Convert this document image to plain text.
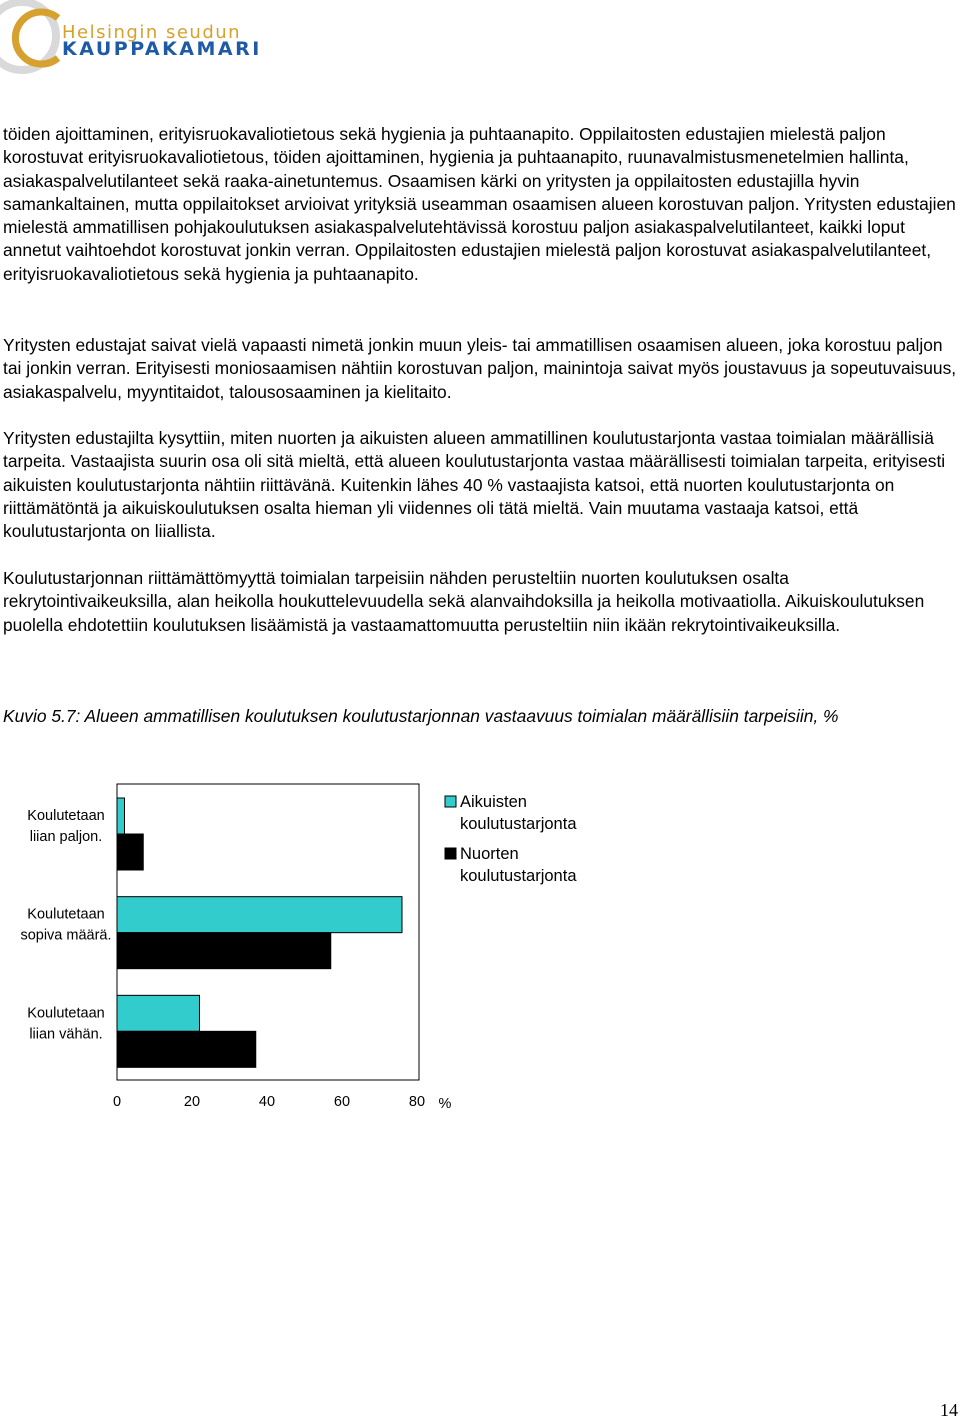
Helsingin seudun
KAUPPAKAMARI

töiden ajoittaminen, erityisruokavaliotietous sekä hygienia ja puhtaanapito. Oppilaitosten edustajien mielestä paljon korostuvat erityisruokavaliotietous, töiden ajoittaminen, hygienia ja puhtaanapito, ruunavalmistusmenetelmien hallinta, asiakaspalvelutilanteet sekä raaka-ainetuntemus. Osaamisen kärki on yritysten ja oppilaitosten edustajilla hyvin samankaltainen, mutta oppilaitokset arvioivat yrityksiä useamman osaamisen alueen korostuvan paljon. Yritysten edustajien mielestä ammatillisen pohjakoulutuksen asiakaspalvelutehtävissä korostuu paljon asiakaspalvelutilanteet, kaikki loput annetut vaihtoehdot korostuvat jonkin verran. Oppilaitosten edustajien mielestä paljon korostuvat asiakaspalvelutilanteet, erityisruokavaliotietous sekä hygienia ja puhtaanapito.

Yritysten edustajat saivat vielä vapaasti nimetä jonkin muun yleis- tai ammatillisen osaamisen alueen, joka korostuu paljon tai jonkin verran. Erityisesti moniosaamisen nähtiin korostuvan paljon, mainintoja saivat myös joustavuus ja sopeutuvaisuus, asiakaspalvelu, myyntitaidot, talousosaaminen ja kielitaito.

Yritysten edustajilta kysyttiin, miten nuorten ja aikuisten alueen ammatillinen koulutustarjonta vastaa toimialan määrällisiä tarpeita. Vastaajista suurin osa oli sitä mieltä, että alueen koulutustarjonta vastaa määrällisesti toimialan tarpeita, erityisesti aikuisten koulutustarjonta nähtiin riittävänä. Kuitenkin lähes 40 % vastaajista katsoi, että nuorten koulutustarjonta on riittämätöntä ja aikuiskoulutuksen osalta hieman yli viidennes oli tätä mieltä. Vain muutama vastaaja katsoi, että koulutustarjonta on liiallista.

Koulutustarjonnan riittämättömyyttä toimialan tarpeisiin nähden perusteltiin nuorten koulutuksen osalta rekrytointivaikeuksilla, alan heikolla houkuttelevuudella sekä alanvaihdoksilla ja heikolla motivaatiolla. Aikuiskoulutuksen puolella ehdotettiin koulutuksen lisäämistä ja vastaamattomuutta perusteltiin niin ikään rekrytointivaikeuksilla.

Kuvio 5.7: Alueen ammatillisen koulutuksen koulutustarjonnan vastaavuus toimialan määrällisiin tarpeisiin, %

Koulutetaan
liian paljon.
Koulutetaan
sopiva määrä.
Koulutetaan
liian vähän.
0	20	40	60	80 %
Aikuisten
koulutustarjonta
Nuorten
koulutustarjonta
14
